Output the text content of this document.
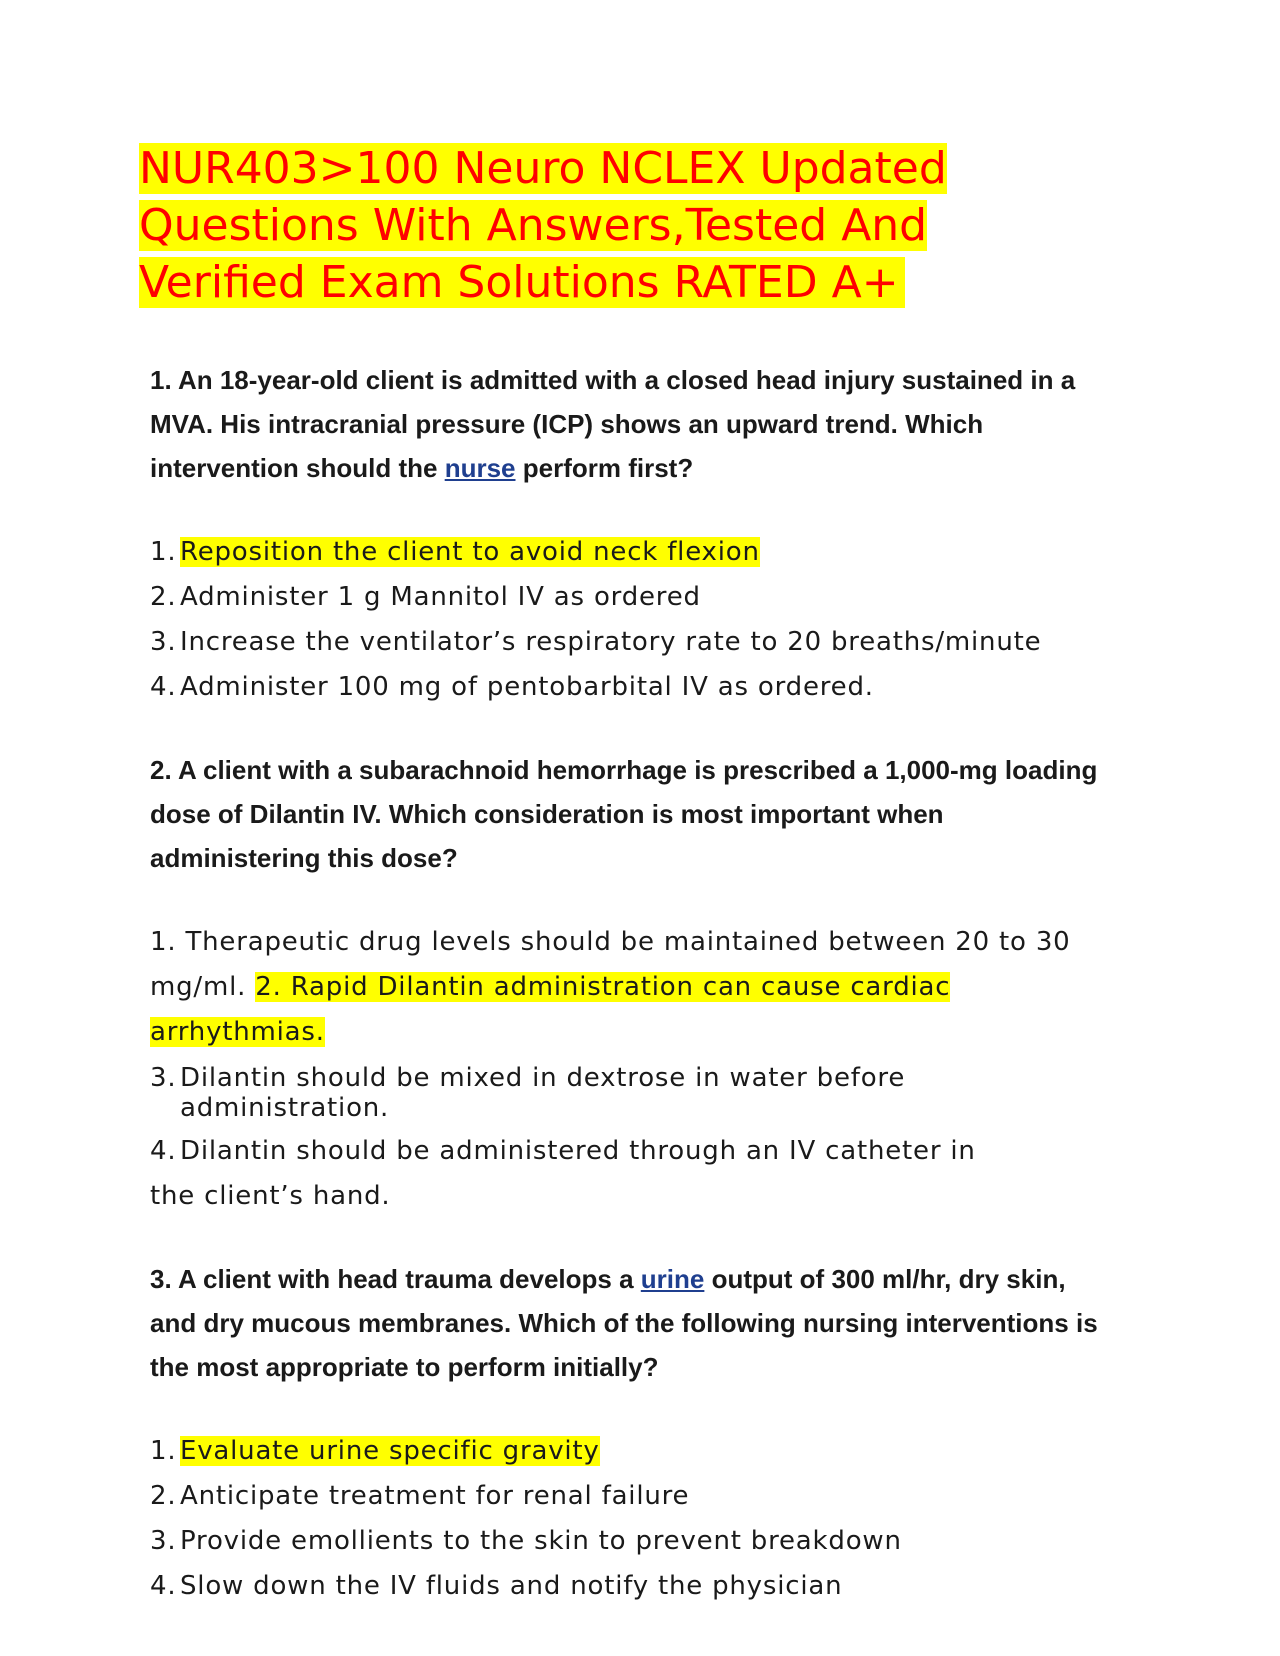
NUR403>100 Neuro NCLEX Updated Questions With Answers,Tested And Verified Exam Solutions RATED A+

1. An 18-year-old client is admitted with a closed head injury sustained in a MVA. His intracranial pressure (ICP) shows an upward trend. Which intervention should the nurse perform first?

1. Reposition the client to avoid neck flexion
2. Administer 1 g Mannitol IV as ordered
3. Increase the ventilator’s respiratory rate to 20 breaths/minute
4. Administer 100 mg of pentobarbital IV as ordered.

2. A client with a subarachnoid hemorrhage is prescribed a 1,000-mg loading dose of Dilantin IV. Which consideration is most important when administering this dose?

1. Therapeutic drug levels should be maintained between 20 to 30 mg/ml. 2. Rapid Dilantin administration can cause cardiac arrhythmias.

3. Dilantin should be mixed in dextrose in water before administration.
4. Dilantin should be administered through an IV catheter in

the client’s hand.

3. A client with head trauma develops a urine output of 300 ml/hr, dry skin, and dry mucous membranes. Which of the following nursing interventions is the most appropriate to perform initially?

1. Evaluate urine specific gravity
2. Anticipate treatment for renal failure
3. Provide emollients to the skin to prevent breakdown
4. Slow down the IV fluids and notify the physician
